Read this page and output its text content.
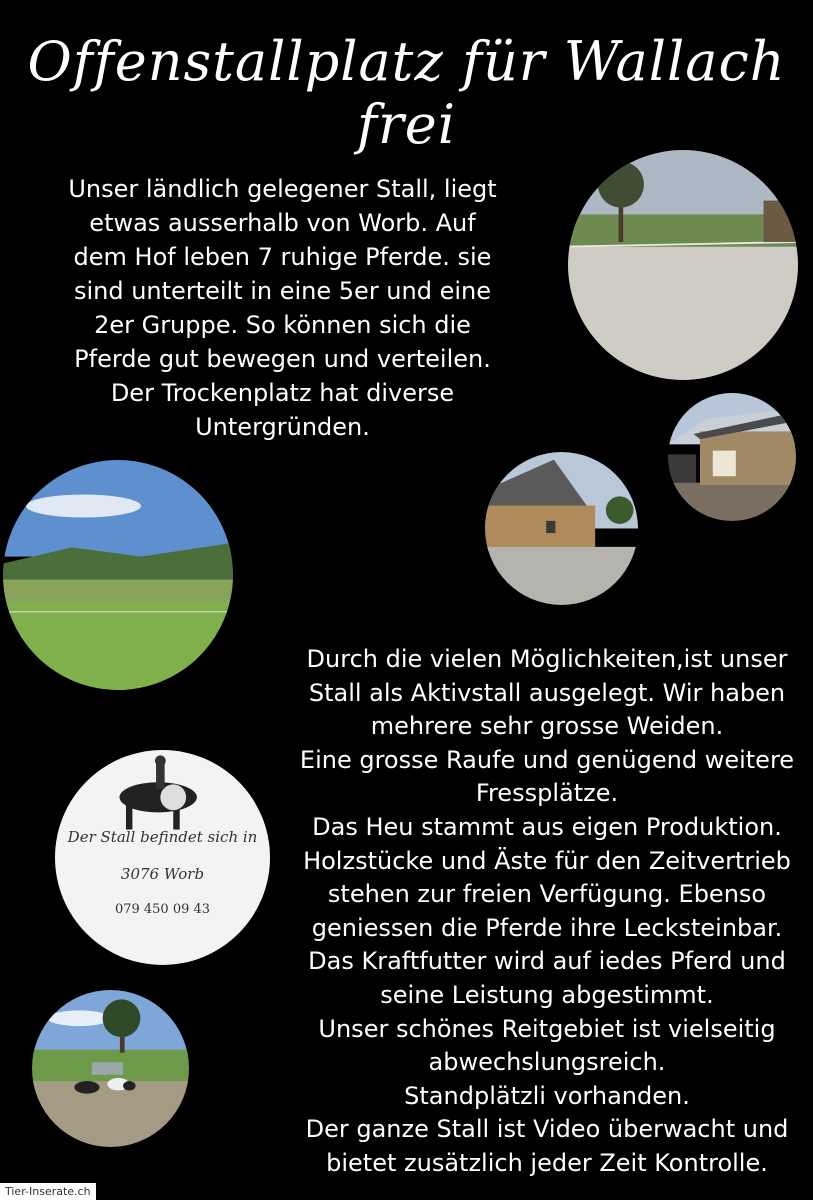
Offenstallplatz für Wallach frei
Unser ländlich gelegener Stall, liegt
etwas ausserhalb von Worb. Auf
dem Hof leben 7 ruhige Pferde. sie
sind unterteilt in eine 5er und eine
2er Gruppe. So können sich die
Pferde gut bewegen und verteilen.
Der Trockenplatz hat diverse
Untergründen.
Durch die vielen Möglichkeiten,ist unser
Stall als Aktivstall ausgelegt. Wir haben
mehrere sehr grosse Weiden.
Eine grosse Raufe und genügend weitere
Fressplätze.
Das Heu stammt aus eigen Produktion.
Holzstücke und Äste für den Zeitvertrieb
stehen zur freien Verfügung. Ebenso
geniessen die Pferde ihre Lecksteinbar.
Das Kraftfutter wird auf iedes Pferd und
seine Leistung abgestimmt.
Unser schönes Reitgebiet ist vielseitig
abwechslungsreich.
Standplätzli vorhanden.
Der ganze Stall ist Video überwacht und
bietet zusätzlich jeder Zeit Kontrolle.
Der Stall befindet sich in
3076 Worb
079 450 09 43
Tier-Inserate.ch
